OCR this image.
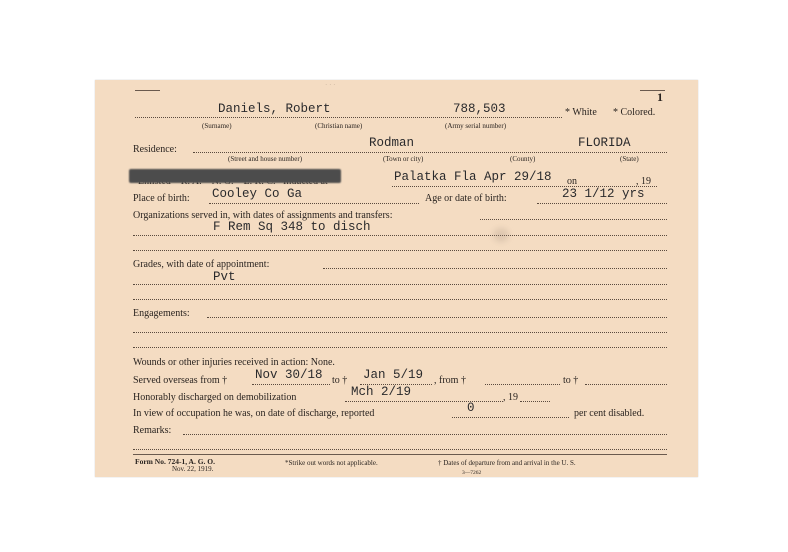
· · ·
1
Daniels, Robert	788,503	* White * Colored.
(Surname)	(Christian name)	(Army serial number)
Residence:	Rodman	FLORIDA
(Street and house number)	(Town or city)	(County)	(State)
Palatka Fla Apr 29/18 on	, 19
Place of birth: Cooley Co Ga	Age or date of birth:	23 1/12 yrs
Organizations served in, with dates of assignments and transfers:
F Rem Sq 348 to disch
Grades, with date of appointment:
Pvt
Engagements:
Wounds or other injuries received in action: None.
Served overseas from † Nov 30/18 to † Jan 5/19 , from †	to †
Honorably discharged on demobilization	Mch 2/19	, 19
In view of occupation he was, on date of discharge, reported	0	per cent disabled.
Remarks:
Form No. 724-1, A. G. O.
Nov. 22, 1919.
*Strike out words not applicable.	† Dates of departure from and arrival in the U. S.
3—7262
